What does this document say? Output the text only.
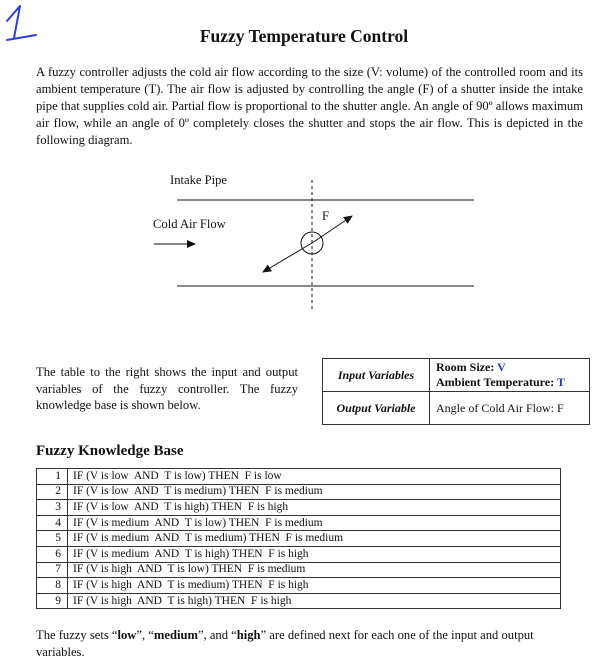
Fuzzy Temperature Control

A fuzzy controller adjusts the cold air flow according to the size (V: volume) of the controlled room and its ambient temperature (T). The air flow is adjusted by controlling the angle (F) of a shutter inside the intake pipe that supplies cold air. Partial flow is proportional to the shutter angle. An angle of 90º allows maximum air flow, while an angle of 0º completely closes the shutter and stops the air flow. This is depicted in the following diagram.

Intake Pipe
Cold Air Flow
F

The table to the right shows the input and output variables of the fuzzy controller. The fuzzy knowledge base is shown below.

Input Variables	Room Size: V
Ambient Temperature: T

Output Variable	Angle of Cold Air Flow: F
Fuzzy Knowledge Base
1	IF (V is low  AND  T is low) THEN  F is low
2	IF (V is low  AND  T is medium) THEN  F is medium
3	IF (V is low  AND  T is high) THEN  F is high
4	IF (V is medium  AND  T is low) THEN  F is medium
5	IF (V is medium  AND  T is medium) THEN  F is medium
6	IF (V is medium  AND  T is high) THEN  F is high
7	IF (V is high  AND  T is low) THEN  F is medium
8	IF (V is high  AND  T is medium) THEN  F is high
9	IF (V is high  AND  T is high) THEN  F is high

The fuzzy sets “low”, “medium”, and “high” are defined next for each one of the input and output variables.
